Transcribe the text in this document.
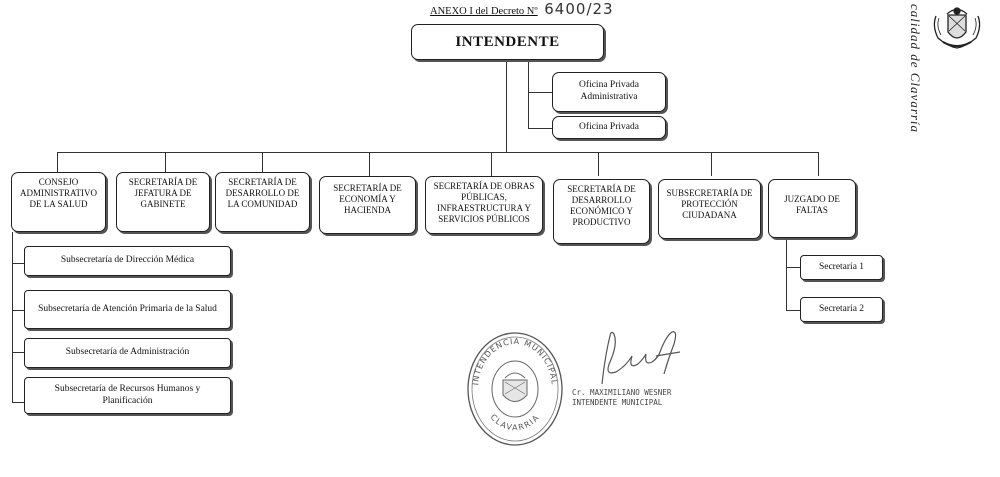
ANEXO I del Decreto Nº 6400/23	calidad de Clavarría
INTENDENTE
Oficina Privada Administrativa
Oficina Privada
CONSEJO ADMINISTRATIVO DE LA SALUD
SECRETARÍA DE JEFATURA DE GABINETE
SECRETARÍA DE DESARROLLO DE LA COMUNIDAD
SECRETARÍA DE ECONOMÍA Y HACIENDA
SECRETARÍA DE OBRAS PÚBLICAS, INFRAESTRUCTURA Y SERVICIOS PÚBLICOS
SECRETARÍA DE DESARROLLO ECONÓMICO Y PRODUCTIVO
SUBSECRETARÍA DE PROTECCIÓN CIUDADANA
JUZGADO DE FALTAS
Subsecretaría de Dirección Médica
Subsecretaría de Atención Primaria de la Salud
Subsecretaría de Administración
Subsecretaría de Recursos Humanos y Planificación
Secretaría 1
Secretaría 2
INTENDENCIA MUNICIPAL
CLAVARRIA
Cr. MAXIMILIANO WESNER
INTENDENTE MUNICIPAL
